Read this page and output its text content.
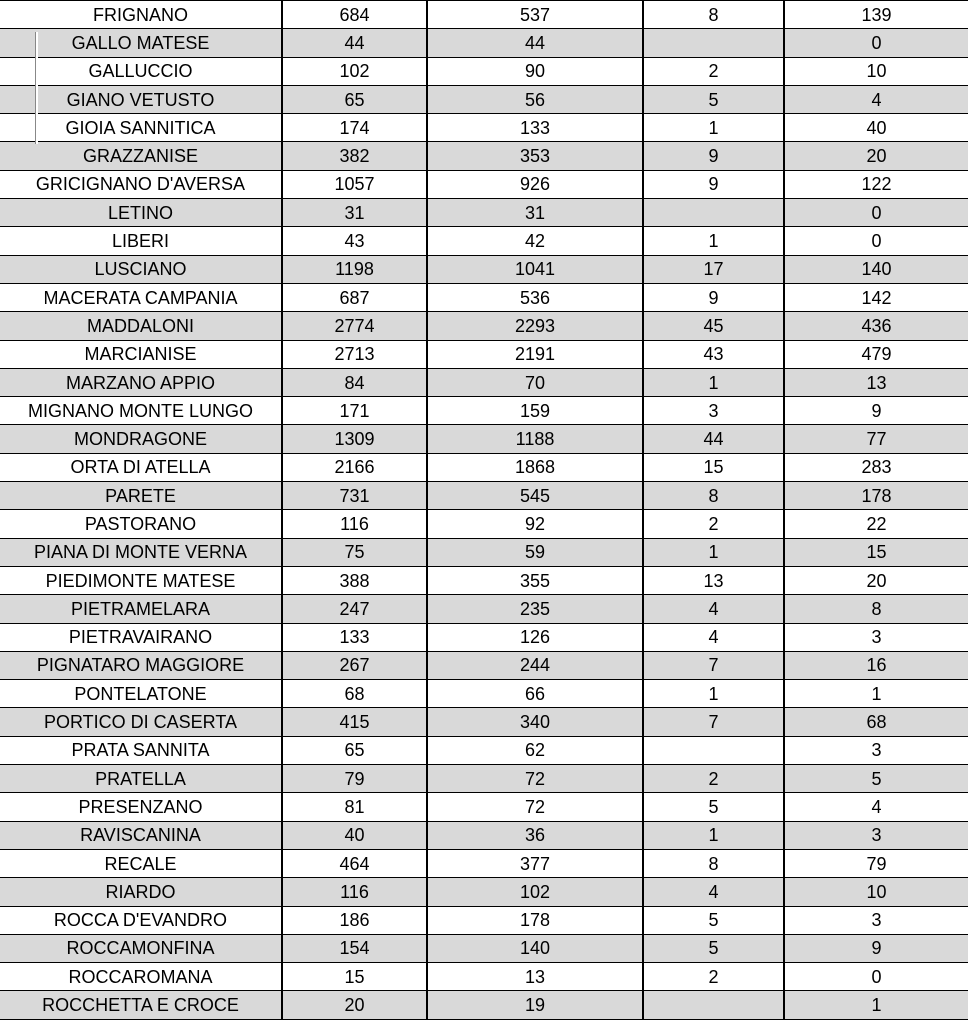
FRIGNANO	684	537	8	139
GALLO MATESE	44	44		0
GALLUCCIO	102	90	2	10
GIANO VETUSTO	65	56	5	4
GIOIA SANNITICA	174	133	1	40
GRAZZANISE	382	353	9	20
GRICIGNANO D'AVERSA	1057	926	9	122
LETINO	31	31		0
LIBERI	43	42	1	0
LUSCIANO	1198	1041	17	140
MACERATA CAMPANIA	687	536	9	142
MADDALONI	2774	2293	45	436
MARCIANISE	2713	2191	43	479
MARZANO APPIO	84	70	1	13
MIGNANO MONTE LUNGO	171	159	3	9
MONDRAGONE	1309	1188	44	77
ORTA DI ATELLA	2166	1868	15	283
PARETE	731	545	8	178
PASTORANO	116	92	2	22
PIANA DI MONTE VERNA	75	59	1	15
PIEDIMONTE MATESE	388	355	13	20
PIETRAMELARA	247	235	4	8
PIETRAVAIRANO	133	126	4	3
PIGNATARO MAGGIORE	267	244	7	16
PONTELATONE	68	66	1	1
PORTICO DI CASERTA	415	340	7	68
PRATA SANNITA	65	62		3
PRATELLA	79	72	2	5
PRESENZANO	81	72	5	4
RAVISCANINA	40	36	1	3
RECALE	464	377	8	79
RIARDO	116	102	4	10
ROCCA D'EVANDRO	186	178	5	3
ROCCAMONFINA	154	140	5	9
ROCCAROMANA	15	13	2	0
ROCCHETTA E CROCE	20	19		1
